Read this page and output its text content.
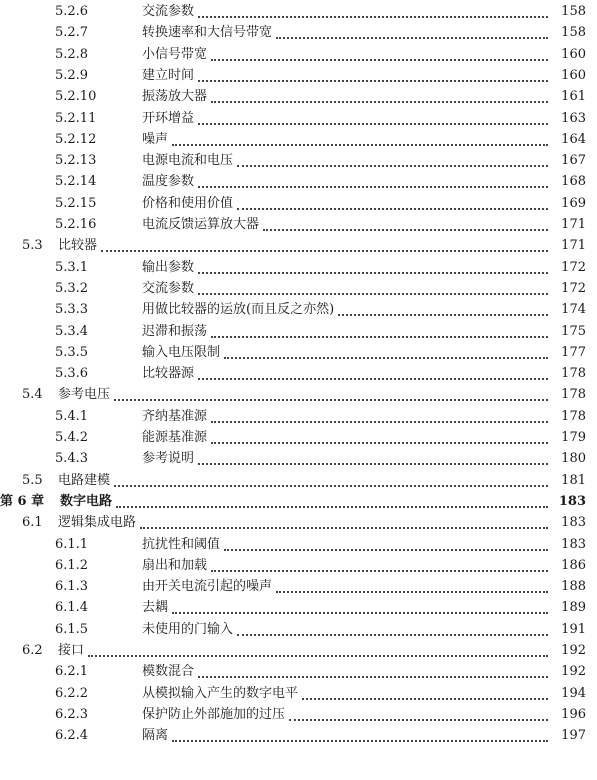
5.2.6	交流参数	158
5.2.7	转换速率和大信号带宽	158
5.2.8	小信号带宽	160
5.2.9	建立时间	160
5.2.10	振荡放大器	161
5.2.11	开环增益	163
5.2.12	噪声	164
5.2.13	电源电流和电压	167
5.2.14	温度参数	168
5.2.15	价格和使用价值	169
5.2.16	电流反馈运算放大器	171
5.3	比较器	171
5.3.1	输出参数	172
5.3.2	交流参数	172
5.3.3	用做比较器的运放(而且反之亦然)	174
5.3.4	迟滞和振荡	175
5.3.5	输入电压限制	177
5.3.6	比较器源	178
5.4	参考电压	178
5.4.1	齐纳基准源	178
5.4.2	能源基准源	179
5.4.3	参考说明	180
5.5	电路建模	181
第 6 章	数字电路	183
6.1	逻辑集成电路	183
6.1.1	抗扰性和阈值	183
6.1.2	扇出和加载	186
6.1.3	由开关电流引起的噪声	188
6.1.4	去耦	189
6.1.5	未使用的门输入	191
6.2	接口	192
6.2.1	模数混合	192
6.2.2	从模拟输入产生的数字电平	194
6.2.3	保护防止外部施加的过压	196
6.2.4	隔离	197
